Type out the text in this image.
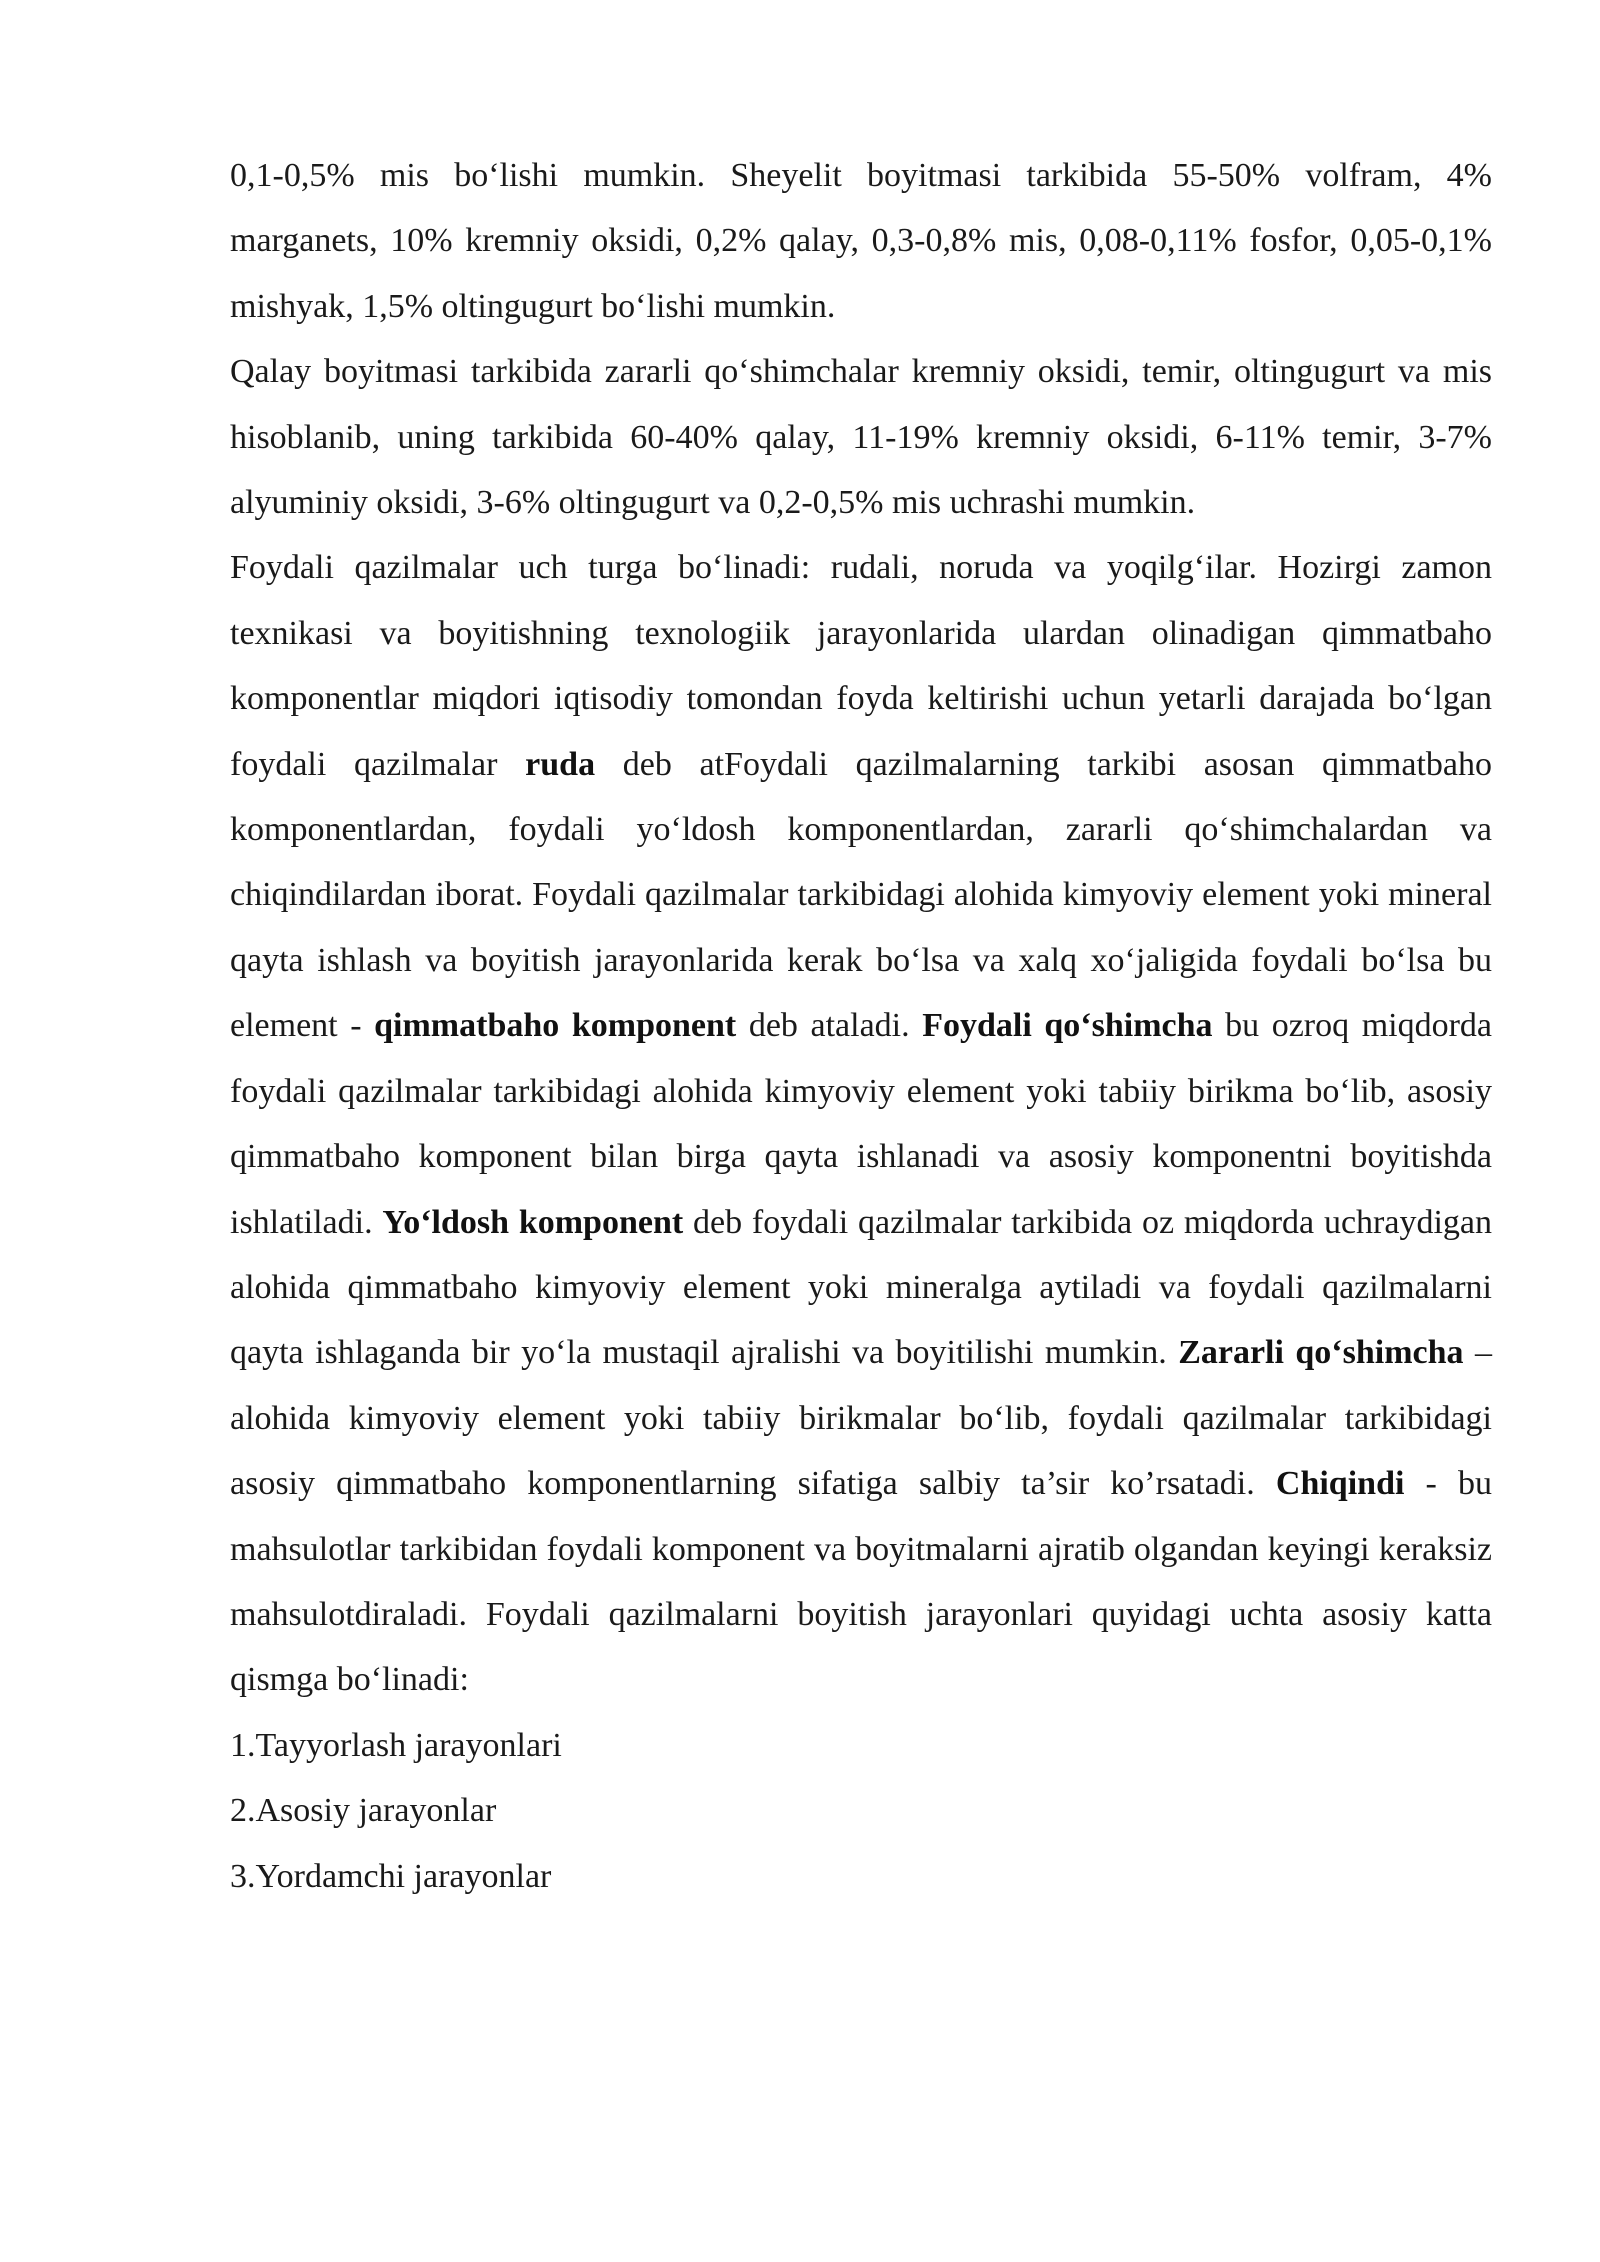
0,1-0,5% mis bo‘lishi mumkin. Sheyelit boyitmasi tarkibida 55-50% volfram, 4% marganets, 10% kremniy oksidi, 0,2% qalay, 0,3-0,8% mis, 0,08-0,11% fosfor, 0,05-0,1% mishyak, 1,5% oltingugurt bo‘lishi mumkin.

Qalay boyitmasi tarkibida zararli qo‘shimchalar kremniy oksidi, temir, oltingugurt va mis hisoblanib, uning tarkibida 60-40% qalay, 11-19% kremniy oksidi, 6-11% temir, 3-7% alyuminiy oksidi, 3-6% oltingugurt va 0,2-0,5% mis uchrashi mumkin.

Foydali qazilmalar uch turga bo‘linadi: rudali, noruda va yoqilg‘ilar. Hozirgi zamon texnikasi va boyitishning texnologiik jarayonlarida ulardan olinadigan qimmatbaho komponentlar miqdori iqtisodiy tomondan foyda keltirishi uchun yetarli darajada bo‘lgan foydali qazilmalar ruda deb atFoydali qazilmalarning tarkibi asosan qimmatbaho komponentlardan, foydali yo‘ldosh komponentlardan, zararli qo‘shimchalardan va chiqindilardan iborat. Foydali qazilmalar tarkibidagi alohida kimyoviy element yoki mineral qayta ishlash va boyitish jarayonlarida kerak bo‘lsa va xalq xo‘jaligida foydali bo‘lsa bu element - qimmatbaho komponent deb ataladi. Foydali qo‘shimcha bu ozroq miqdorda foydali qazilmalar tarkibidagi alohida kimyoviy element yoki tabiiy birikma bo‘lib, asosiy qimmatbaho komponent bilan birga qayta ishlanadi va asosiy komponentni boyitishda ishlatiladi. Yo‘ldosh komponent deb foydali qazilmalar tarkibida oz miqdorda uchraydigan alohida qimmatbaho kimyoviy element yoki mineralga aytiladi va foydali qazilmalarni qayta ishlaganda bir yo‘la mustaqil ajralishi va boyitilishi mumkin. Zararli qo‘shimcha – alohida kimyoviy element yoki tabiiy birikmalar bo‘lib, foydali qazilmalar tarkibidagi asosiy qimmatbaho komponentlarning sifatiga salbiy ta’sir ko’rsatadi. Chiqindi - bu mahsulotlar tarkibidan foydali komponent va boyitmalarni ajratib olgandan keyingi keraksiz mahsulotdiraladi. Foydali qazilmalarni boyitish jarayonlari quyidagi uchta asosiy katta qismga bo‘linadi:

1.Tayyorlash jarayonlari

2.Asosiy jarayonlar

3.Yordamchi jarayonlar
